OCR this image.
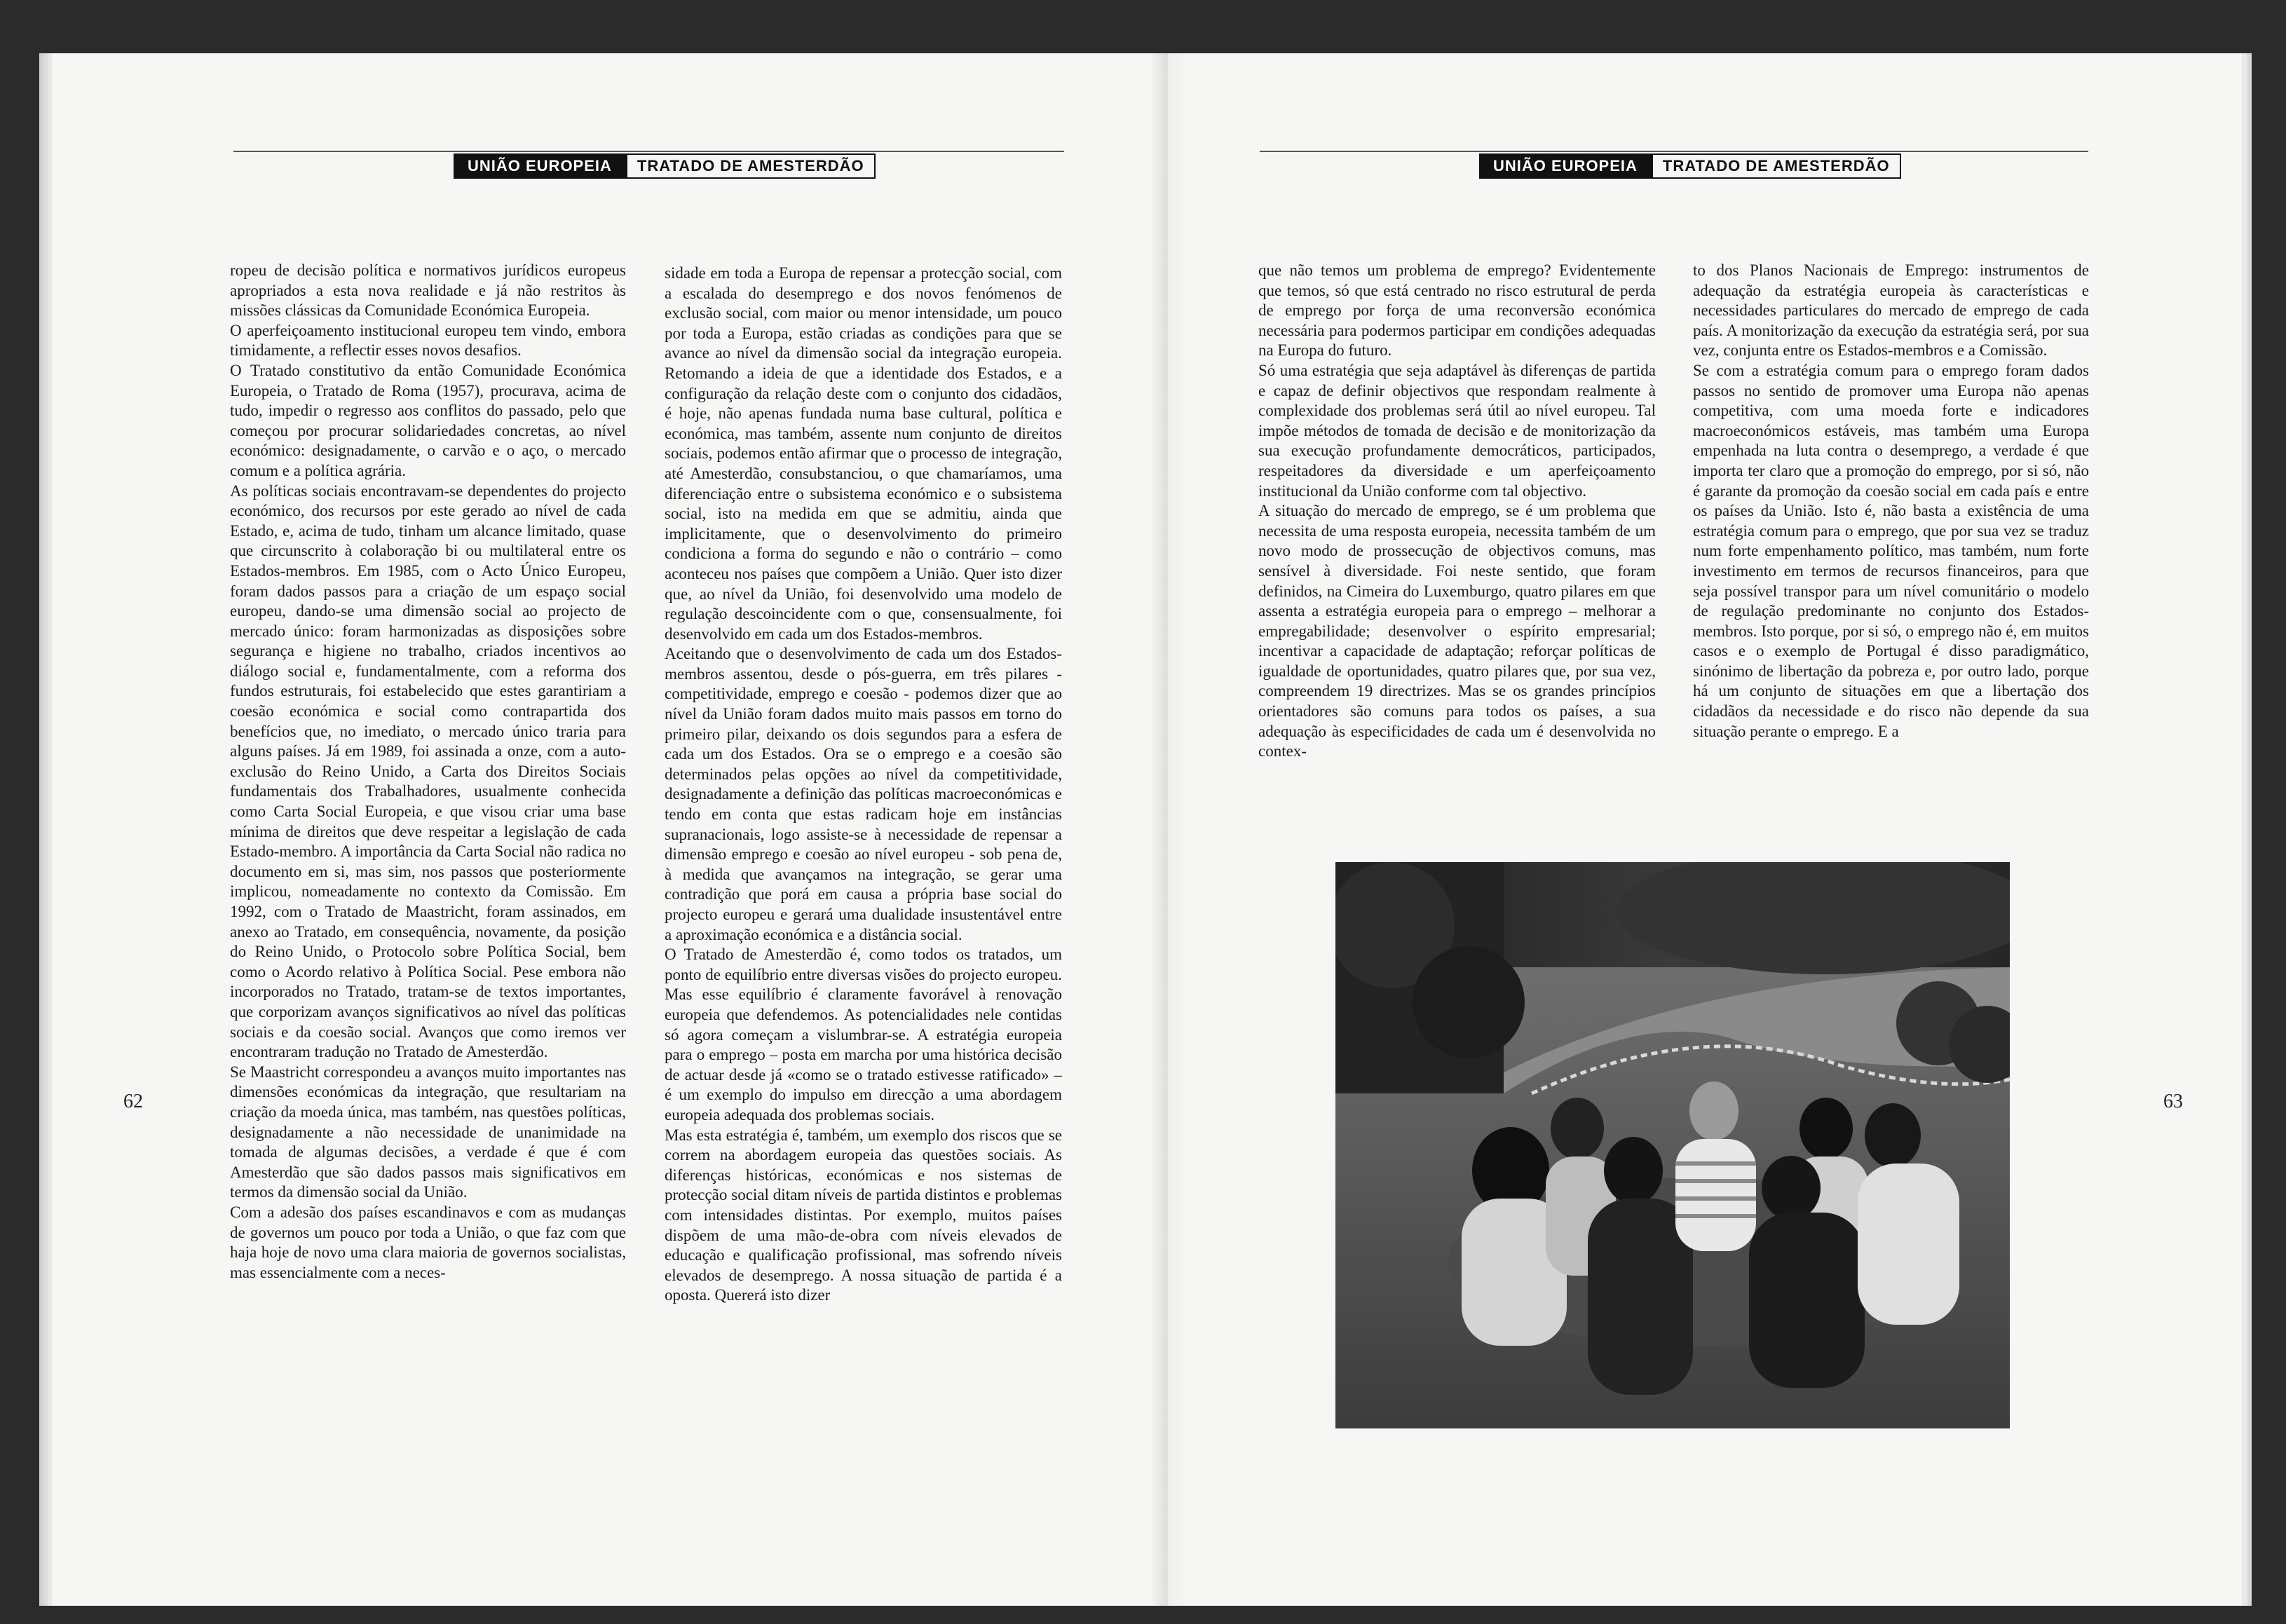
UNIÃO EUROPEIA	TRATADO DE AMESTERDÃO	UNIÃO EUROPEIA	TRATADO DE AMESTERDÃO

ropeu de decisão política e normativos jurídicos europeus apropriados a esta nova realidade e já não restritos às missões clássicas da Comunidade Económica Europeia.

O aperfeiçoamento institucional europeu tem vindo, embora timidamente, a reflectir esses novos desafios.

O Tratado constitutivo da então Comunidade Económica Europeia, o Tratado de Roma (1957), procurava, acima de tudo, impedir o regresso aos conflitos do passado, pelo que começou por procurar solidariedades concretas, ao nível económico: designadamente, o carvão e o aço, o mercado comum e a política agrária.

As políticas sociais encontravam-se dependentes do projecto económico, dos recursos por este gerado ao nível de cada Estado, e, acima de tudo, tinham um alcance limitado, quase que circunscrito à colaboração bi ou multilateral entre os Estados-membros. Em 1985, com o Acto Único Europeu, foram dados passos para a criação de um espaço social europeu, dando-se uma dimensão social ao projecto de mercado único: foram harmonizadas as disposições sobre segurança e higiene no trabalho, criados incentivos ao diálogo social e, fundamentalmente, com a reforma dos fundos estruturais, foi estabelecido que estes garantiriam a coesão económica e social como contrapartida dos benefícios que, no imediato, o mercado único traria para alguns países. Já em 1989, foi assinada a onze, com a auto-exclusão do Reino Unido, a Carta dos Direitos Sociais fundamentais dos Trabalhadores, usualmente conhecida como Carta Social Europeia, e que visou criar uma base mínima de direitos que deve respeitar a legislação de cada Estado-membro. A importância da Carta Social não radica no documento em si, mas sim, nos passos que posteriormente implicou, nomeadamente no contexto da Comissão. Em 1992, com o Tratado de Maastricht, foram assinados, em anexo ao Tratado, em consequência, novamente, da posição do Reino Unido, o Protocolo sobre Política Social, bem como o Acordo relativo à Política Social. Pese embora não incorporados no Tratado, tratam-se de textos importantes, que corporizam avanços significativos ao nível das políticas sociais e da coesão social. Avanços que como iremos ver encontraram tradução no Tratado de Amesterdão.

Se Maastricht correspondeu a avanços muito importantes nas dimensões económicas da integração, que resultariam na criação da moeda única, mas também, nas questões políticas, designadamente a não necessidade de unanimidade na tomada de algumas decisões, a verdade é que é com Amesterdão que são dados passos mais significativos em termos da dimensão social da União.

Com a adesão dos países escandinavos e com as mudanças de governos um pouco por toda a União, o que faz com que haja hoje de novo uma clara maioria de governos socialistas, mas essencialmente com a neces-

sidade em toda a Europa de repensar a protecção social, com a escalada do desemprego e dos novos fenómenos de exclusão social, com maior ou menor intensidade, um pouco por toda a Europa, estão criadas as condições para que se avance ao nível da dimensão social da integração europeia. Retomando a ideia de que a identidade dos Estados, e a configuração da relação deste com o conjunto dos cidadãos, é hoje, não apenas fundada numa base cultural, política e económica, mas também, assente num conjunto de direitos sociais, podemos então afirmar que o processo de integração, até Amesterdão, consubstanciou, o que chamaríamos, uma diferenciação entre o subsistema económico e o subsistema social, isto na medida em que se admitiu, ainda que implicitamente, que o desenvolvimento do primeiro condiciona a forma do segundo e não o contrário – como aconteceu nos países que compõem a União. Quer isto dizer que, ao nível da União, foi desenvolvido uma modelo de regulação descoincidente com o que, consensualmente, foi desenvolvido em cada um dos Estados-membros.

Aceitando que o desenvolvimento de cada um dos Estados-membros assentou, desde o pós-guerra, em três pilares - competitividade, emprego e coesão - podemos dizer que ao nível da União foram dados muito mais passos em torno do primeiro pilar, deixando os dois segundos para a esfera de cada um dos Estados. Ora se o emprego e a coesão são determinados pelas opções ao nível da competitividade, designadamente a definição das políticas macroeconómicas e tendo em conta que estas radicam hoje em instâncias supranacionais, logo assiste-se à necessidade de repensar a dimensão emprego e coesão ao nível europeu - sob pena de, à medida que avançamos na integração, se gerar uma contradição que porá em causa a própria base social do projecto europeu e gerará uma dualidade insustentável entre a aproximação económica e a distância social.

O Tratado de Amesterdão é, como todos os tratados, um ponto de equilíbrio entre diversas visões do projecto europeu. Mas esse equilíbrio é claramente favorável à renovação europeia que defendemos. As potencialidades nele contidas só agora começam a vislumbrar-se. A estratégia europeia para o emprego – posta em marcha por uma histórica decisão de actuar desde já «como se o tratado estivesse ratificado» – é um exemplo do impulso em direcção a uma abordagem europeia adequada dos problemas sociais.

Mas esta estratégia é, também, um exemplo dos riscos que se correm na abordagem europeia das questões sociais. As diferenças históricas, económicas e nos sistemas de protecção social ditam níveis de partida distintos e problemas com intensidades distintas. Por exemplo, muitos países dispõem de uma mão-de-obra com níveis elevados de educação e qualificação profissional, mas sofrendo níveis elevados de desemprego. A nossa situação de partida é a oposta. Quererá isto dizer

que não temos um problema de emprego? Evidentemente que temos, só que está centrado no risco estrutural de perda de emprego por força de uma reconversão económica necessária para podermos participar em condições adequadas na Europa do futuro.

Só uma estratégia que seja adaptável às diferenças de partida e capaz de definir objectivos que respondam realmente à complexidade dos problemas será útil ao nível europeu. Tal impõe métodos de tomada de decisão e de monitorização da sua execução profundamente democráticos, participados, respeitadores da diversidade e um aperfeiçoamento institucional da União conforme com tal objectivo.

A situação do mercado de emprego, se é um problema que necessita de uma resposta europeia, necessita também de um novo modo de prossecução de objectivos comuns, mas sensível à diversidade. Foi neste sentido, que foram definidos, na Cimeira do Luxemburgo, quatro pilares em que assenta a estratégia europeia para o emprego – melhorar a empregabilidade; desenvolver o espírito empresarial; incentivar a capacidade de adaptação; reforçar políticas de igualdade de oportunidades, quatro pilares que, por sua vez, compreendem 19 directrizes. Mas se os grandes princípios orientadores são comuns para todos os países, a sua adequação às especificidades de cada um é desenvolvida no contex-

to dos Planos Nacionais de Emprego: instrumentos de adequação da estratégia europeia às características e necessidades particulares do mercado de emprego de cada país. A monitorização da execução da estratégia será, por sua vez, conjunta entre os Estados-membros e a Comissão.

Se com a estratégia comum para o emprego foram dados passos no sentido de promover uma Europa não apenas competitiva, com uma moeda forte e indicadores macroeconómicos estáveis, mas também uma Europa empenhada na luta contra o desemprego, a verdade é que importa ter claro que a promoção do emprego, por si só, não é garante da promoção da coesão social em cada país e entre os países da União. Isto é, não basta a existência de uma estratégia comum para o emprego, que por sua vez se traduz num forte empenhamento político, mas também, num forte investimento em termos de recursos financeiros, para que seja possível transpor para um nível comunitário o modelo de regulação predominante no conjunto dos Estados-membros. Isto porque, por si só, o emprego não é, em muitos casos e o exemplo de Portugal é disso paradigmático, sinónimo de libertação da pobreza e, por outro lado, porque há um conjunto de situações em que a libertação dos cidadãos da necessidade e do risco não depende da sua situação perante o emprego. E a

62	63
